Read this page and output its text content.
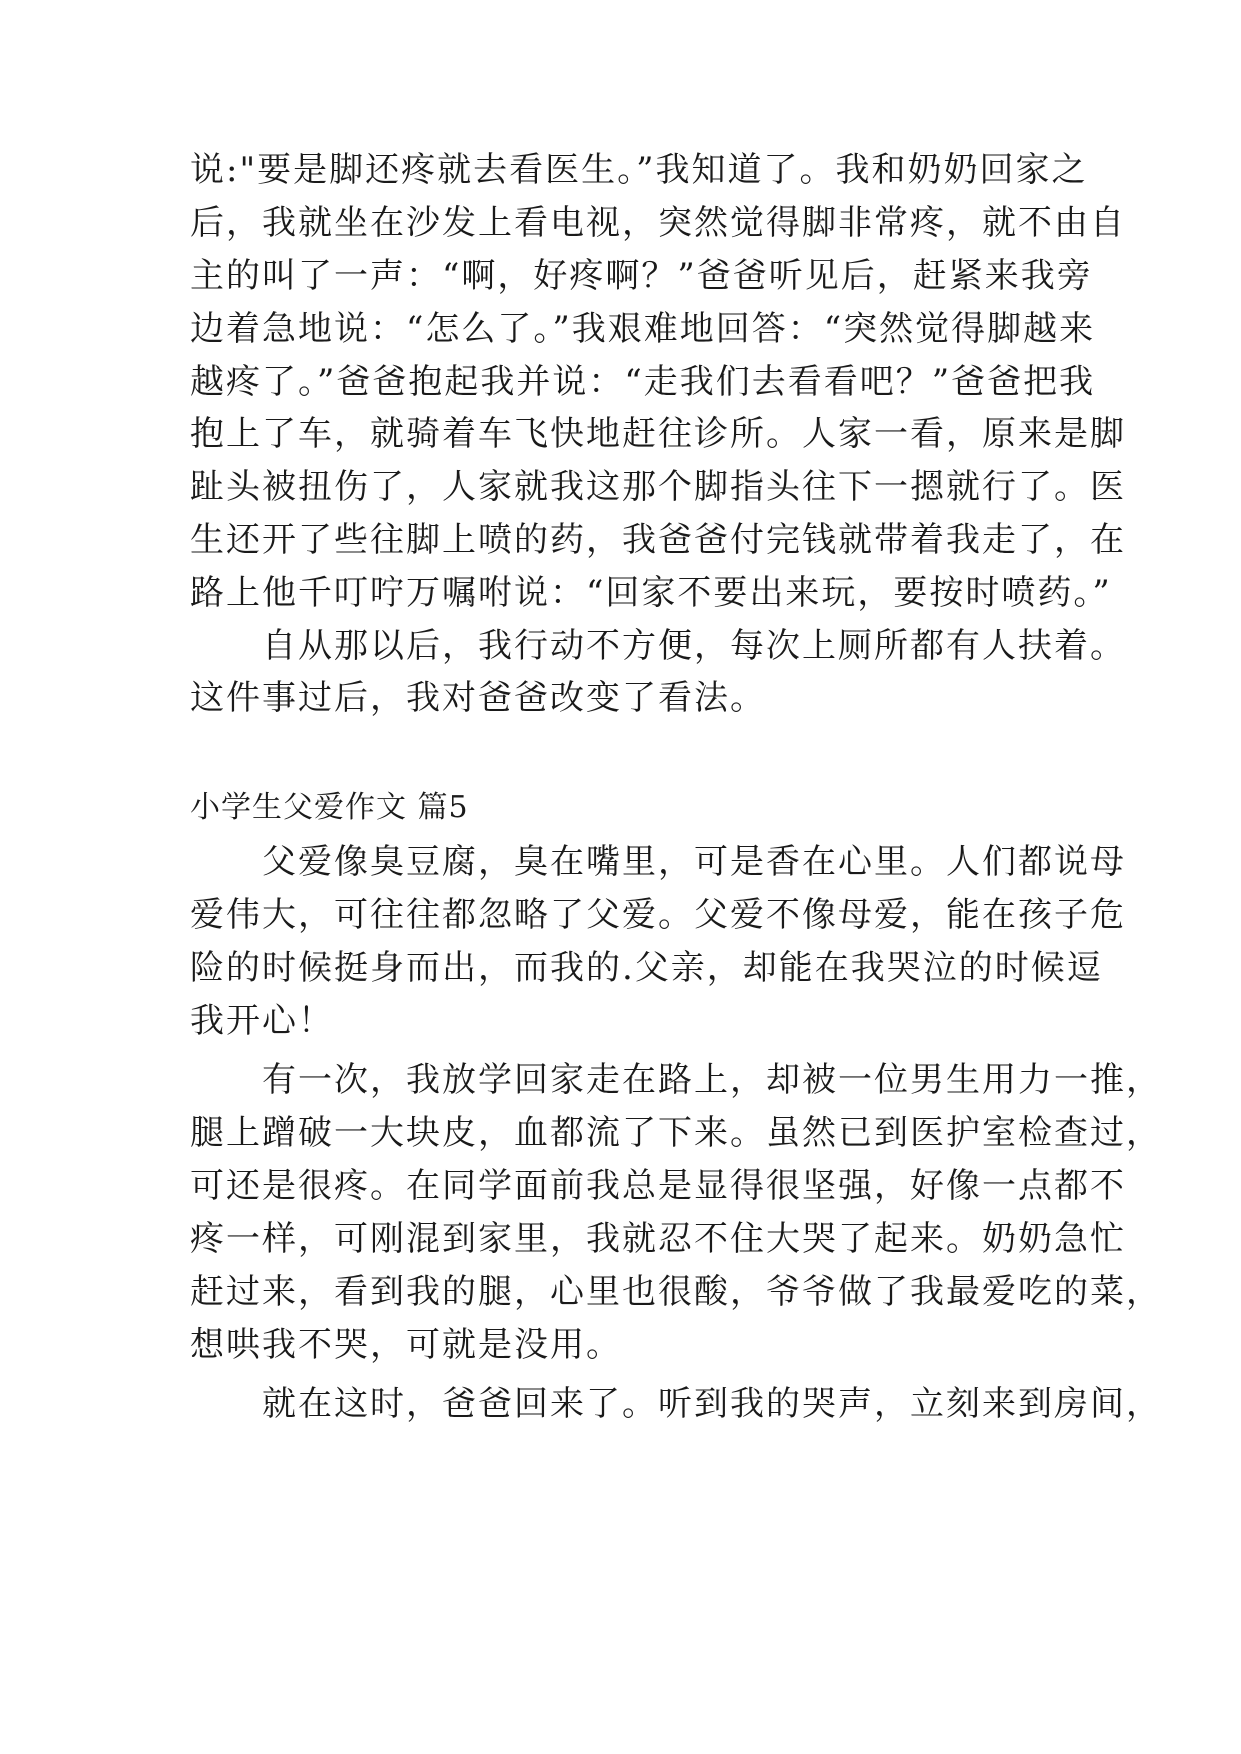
说:"要是脚还疼就去看医生。”我知道了。我和奶奶回家之
后，我就坐在沙发上看电视，突然觉得脚非常疼，就不由自
主的叫了一声：“啊，好疼啊？”爸爸听见后，赶紧来我旁
边着急地说：“怎么了。”我艰难地回答：“突然觉得脚越来
越疼了。”爸爸抱起我并说：“走我们去看看吧？”爸爸把我
抱上了车，就骑着车飞快地赶往诊所。人家一看，原来是脚
趾头被扭伤了，人家就我这那个脚指头往下一摁就行了。医
生还开了些往脚上喷的药，我爸爸付完钱就带着我走了，在
路上他千叮咛万嘱咐说：“回家不要出来玩，要按时喷药。”
　　自从那以后，我行动不方便，每次上厕所都有人扶着。
这件事过后，我对爸爸改变了看法。
小学生父爱作文 篇5
　　父爱像臭豆腐，臭在嘴里，可是香在心里。人们都说母
爱伟大，可往往都忽略了父爱。父爱不像母爱，能在孩子危
险的时候挺身而出，而我的.父亲，却能在我哭泣的时候逗
我开心！
　　有一次，我放学回家走在路上，却被一位男生用力一推，
腿上蹭破一大块皮，血都流了下来。虽然已到医护室检查过，
可还是很疼。在同学面前我总是显得很坚强，好像一点都不
疼一样，可刚混到家里，我就忍不住大哭了起来。奶奶急忙
赶过来，看到我的腿，心里也很酸，爷爷做了我最爱吃的菜，
想哄我不哭，可就是没用。
　　就在这时，爸爸回来了。听到我的哭声，立刻来到房间，
